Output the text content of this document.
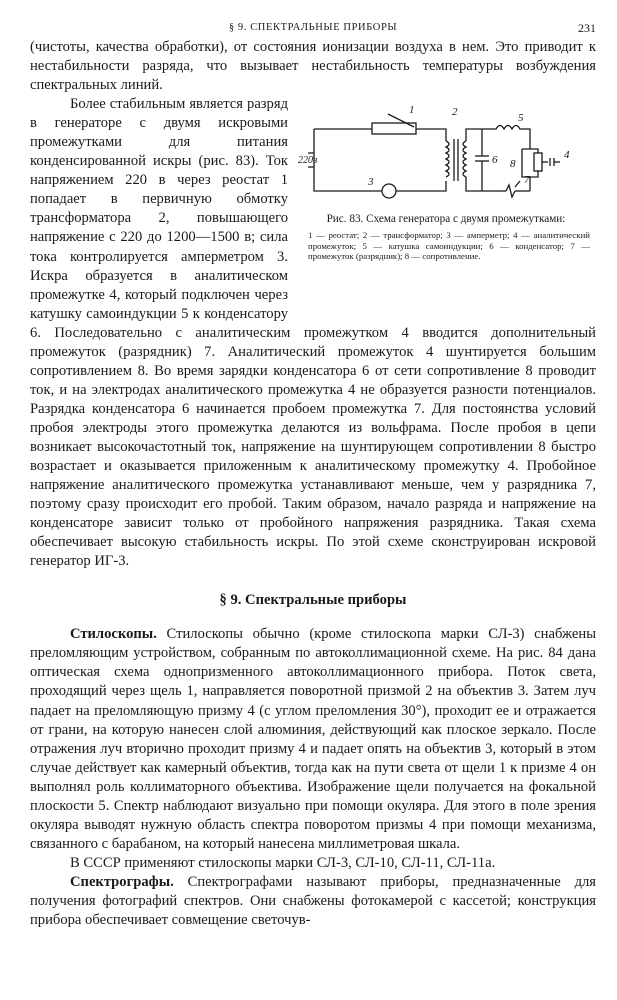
§ 9. СПЕКТРАЛЬНЫЕ ПРИБОРЫ	231

(чистоты, качества обработки), от состояния ионизации воздуха в нем. Это приводит к нестабильности разряда, что вызывает нестабильность температуры возбуждения спектральных линий.

1	2
3
4
5
6
7
8
220в
Рис. 83. Схема генератора с двумя промежутками:
1 — реостат; 2 — трансформатор; 3 — амперметр; 4 — аналитический промежуток; 5 — катушка самоиндукции; 6 — конденсатор; 7 — промежуток (разрядник); 8 — сопротивление.

Более стабильным является разряд в генераторе с двумя искровыми промежутками для питания конденсированной искры (рис. 83). Ток напряжением 220 в через реостат 1 попадает в первичную обмотку трансформатора 2, повышающего напряжение с 220 до 1200—1500 в; сила тока контролируется амперметром 3. Искра образуется в аналитическом промежутке 4, который подключен через катушку самоиндукции 5 к конденсатору 6. Последовательно с аналитическим промежутком 4 вводится дополнительный промежуток (разрядник) 7. Аналитический промежуток 4 шунтируется большим сопротивлением 8. Во время зарядки конденсатора 6 от сети сопротивление 8 проводит ток, и на электродах аналитического промежутка 4 не образуется разности потенциалов. Разрядка конденсатора 6 начинается пробоем промежутка 7. Для постоянства условий пробоя электроды этого промежутка делаются из вольфрама. После пробоя в цепи возникает высокочастотный ток, напряжение на шунтирующем сопротивлении 8 быстро возрастает и оказывается приложенным к аналитическому промежутку 4. Пробойное напряжение аналитического промежутка устанавливают меньше, чем у разрядника 7, поэтому сразу происходит его пробой. Таким образом, начало разряда и напряжение на конденсаторе зависит только от пробойного напряжения разрядника. Такая схема обеспечивает высокую стабильность искры. По этой схеме сконструирован искровой генератор ИГ-3.

§ 9. Спектральные приборы

Стилоскопы. Стилоскопы обычно (кроме стилоскопа марки СЛ-3) снабжены преломляющим устройством, собранным по автоколлимационной схеме. На рис. 84 дана оптическая схема однопризменного автоколлимационного прибора. Поток света, проходящий через щель 1, направляется поворотной призмой 2 на объектив 3. Затем луч падает на преломляющую призму 4 (с углом преломления 30°), проходит ее и отражается от грани, на которую нанесен слой алюминия, действующий как плоское зеркало. После отражения луч вторично проходит призму 4 и падает опять на объектив 3, который в этом случае действует как камерный объектив, тогда как на пути света от щели 1 к призме 4 он выполнял роль коллиматорного объектива. Изображение щели получается на фокальной плоскости 5. Спектр наблюдают визуально при помощи окуляра. Для этого в поле зрения окуляра выводят нужную область спектра поворотом призмы 4 при помощи механизма, связанного с барабаном, на который нанесена миллиметровая шкала.

В СССР применяют стилоскопы марки СЛ-3, СЛ-10, СЛ-11, СЛ-11а.

Спектрографы. Спектрографами называют приборы, предназначенные для получения фотографий спектров. Они снабжены фотокамерой с кассетой; конструкция прибора обеспечивает совмещение светочув-
